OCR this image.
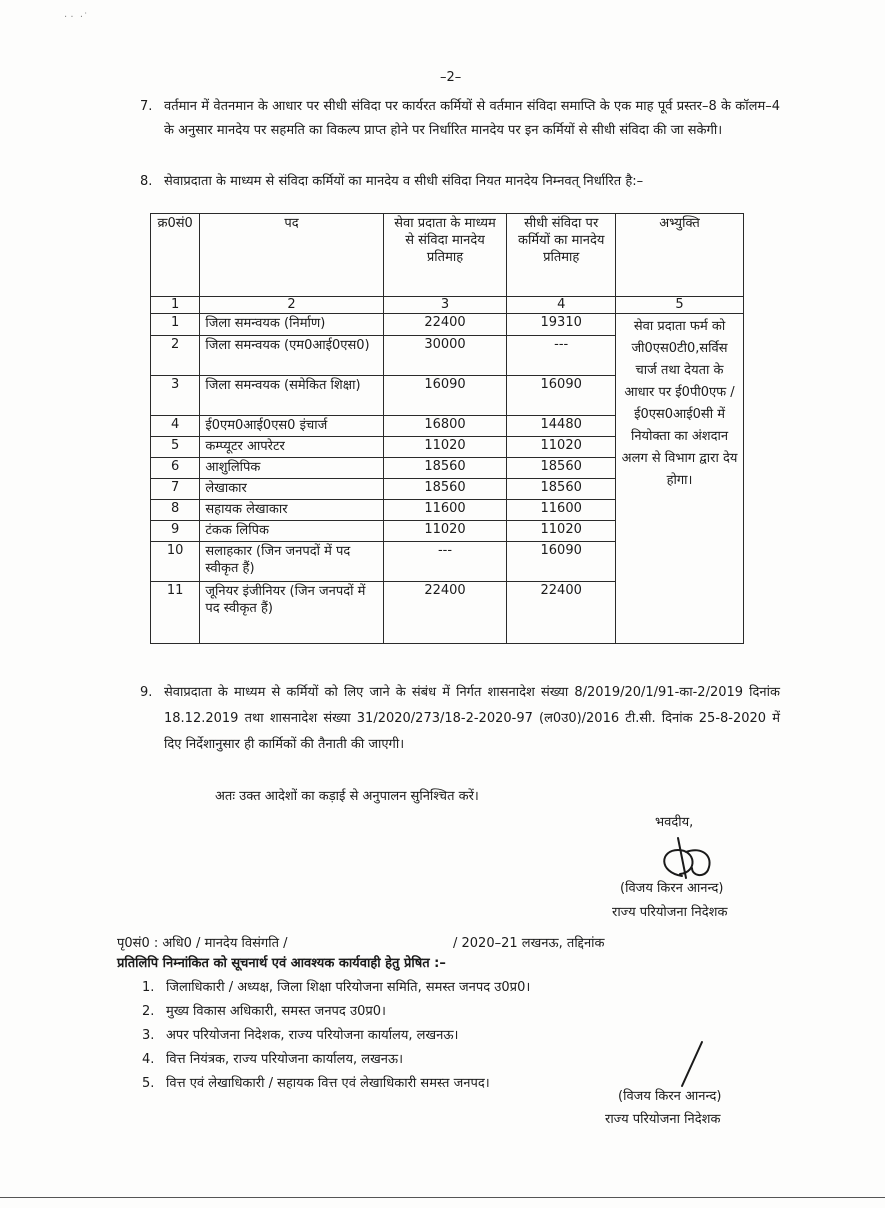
· ·  ·˙
–2–
7. वर्तमान में वेतनमान के आधार पर सीधी संविदा पर कार्यरत कर्मियों से वर्तमान संविदा समाप्ति के एक माह पूर्व प्रस्तर–8 के कॉलम–4 के अनुसार मानदेय पर सहमति का विकल्प प्राप्त होने पर निर्धारित मानदेय पर इन कर्मियों से सीधी संविदा की जा सकेगी।
8. सेवाप्रदाता के माध्यम से संविदा कर्मियों का मानदेय व सीधी संविदा नियत मानदेय निम्नवत् निर्धारित है:–
क्र0सं0	पद	सेवा प्रदाता के माध्यम से संविदा मानदेय प्रतिमाह	सीधी संविदा पर कर्मियों का मानदेय प्रतिमाह	अभ्युक्ति
1	2	3	4	5
1	जिला समन्वयक (निर्माण)	22400	19310	सेवा प्रदाता फर्म को जी0एस0टी0,सर्विस चार्ज तथा देयता के आधार पर ई0पी0एफ /ई0एस0आई0सी में नियोक्ता का अंशदान अलग से विभाग द्वारा देय होगा।
2	जिला समन्वयक (एम0आई0एस0)	30000	---	
3	जिला समन्वयक (समेकित शिक्षा)	16090	16090	
4	ई0एम0आई0एस0 इंचार्ज	16800	14480	
5	कम्प्यूटर आपरेटर	11020	11020	
6	आशुलिपिक	18560	18560	
7	लेखाकार	18560	18560	
8	सहायक लेखाकार	11600	11600	
9	टंकक लिपिक	11020	11020	
10	सलाहकार (जिन जनपदों में पद स्वीकृत हैं)	---	16090	
11	जूनियर इंजीनियर (जिन जनपदों में पद स्वीकृत हैं)	22400	22400	
9. सेवाप्रदाता के माध्यम से कर्मियों को लिए जाने के संबंध में निर्गत शासनादेश संख्या 8/2019/20/1/91-का-2/2019 दिनांक 18.12.2019 तथा शासनादेश संख्या 31/2020/273/18-2-2020-97 (ल0उ0)/2016 टी.सी. दिनांक 25-8-2020 में दिए निर्देशानुसार ही कार्मिकों की तैनाती की जाएगी।
अतः उक्त आदेशों का कड़ाई से अनुपालन सुनिश्चित करें।
भवदीय,
(विजय किरन आनन्द)
राज्य परियोजना निदेशक
पृ0सं0 : अधि0 / मानदेय विसंगति /	/ 2020–21 लखनऊ, तद्दिनांक
प्रतिलिपि निम्नांकित को सूचनार्थ एवं आवश्यक कार्यवाही हेतु प्रेषित :–
1. जिलाधिकारी / अध्यक्ष, जिला शिक्षा परियोजना समिति, समस्त जनपद उ0प्र0।
2. मुख्य विकास अधिकारी, समस्त जनपद उ0प्र0।
3. अपर परियोजना निदेशक, राज्य परियोजना कार्यालय, लखनऊ।
4. वित्त नियंत्रक, राज्य परियोजना कार्यालय, लखनऊ।
5. वित्त एवं लेखाधिकारी / सहायक वित्त एवं लेखाधिकारी समस्त जनपद।
(विजय किरन आनन्द)
राज्य परियोजना निदेशक
